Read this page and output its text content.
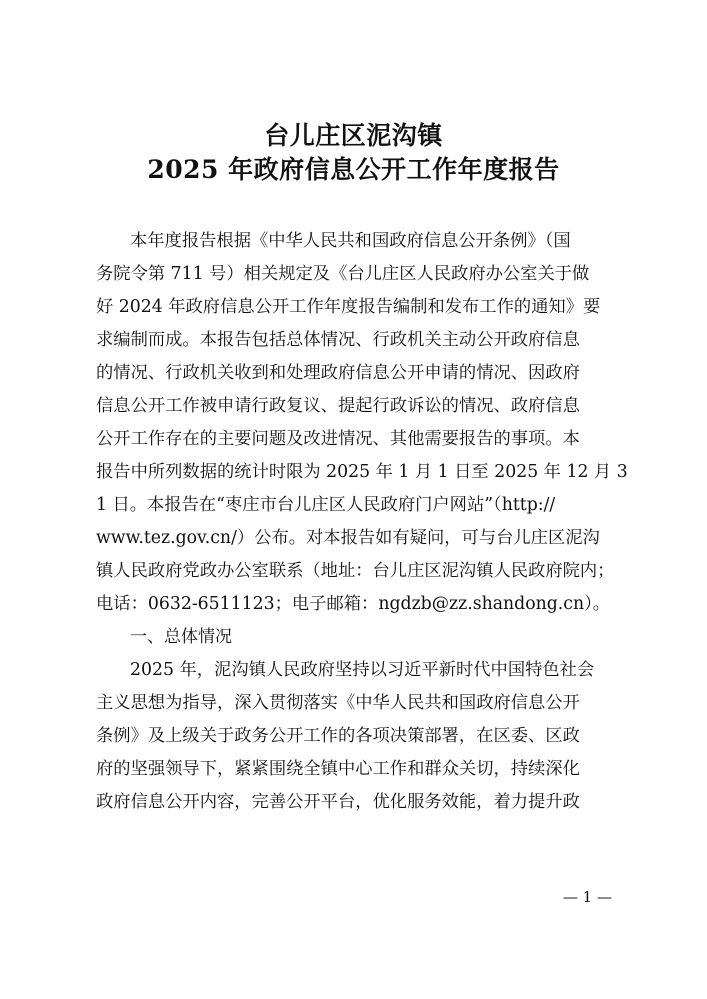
台儿庄区泥沟镇
2025 年政府信息公开工作年度报告
本年度报告根据《中华人民共和国政府信息公开条例》（国
务院令第 711 号）相关规定及《台儿庄区人民政府办公室关于做
好 2024 年政府信息公开工作年度报告编制和发布工作的通知》要
求编制而成。本报告包括总体情况、行政机关主动公开政府信息
的情况、行政机关收到和处理政府信息公开申请的情况、因政府
信息公开工作被申请行政复议、提起行政诉讼的情况、政府信息
公开工作存在的主要问题及改进情况、其他需要报告的事项。本
报告中所列数据的统计时限为 2025 年 1 月 1 日至 2025 年 12 月 3
1 日。本报告在“枣庄市台儿庄区人民政府门户网站”（http://
www.tez.gov.cn/）公布。对本报告如有疑问，可与台儿庄区泥沟
镇人民政府党政办公室联系（地址：台儿庄区泥沟镇人民政府院内；
电话：0632-6511123；电子邮箱：ngdzb@zz.shandong.cn）。
一、总体情况
2025 年，泥沟镇人民政府坚持以习近平新时代中国特色社会
主义思想为指导，深入贯彻落实《中华人民共和国政府信息公开
条例》及上级关于政务公开工作的各项决策部署，在区委、区政
府的坚强领导下，紧紧围绕全镇中心工作和群众关切，持续深化
政府信息公开内容，完善公开平台，优化服务效能，着力提升政
— 1 —
